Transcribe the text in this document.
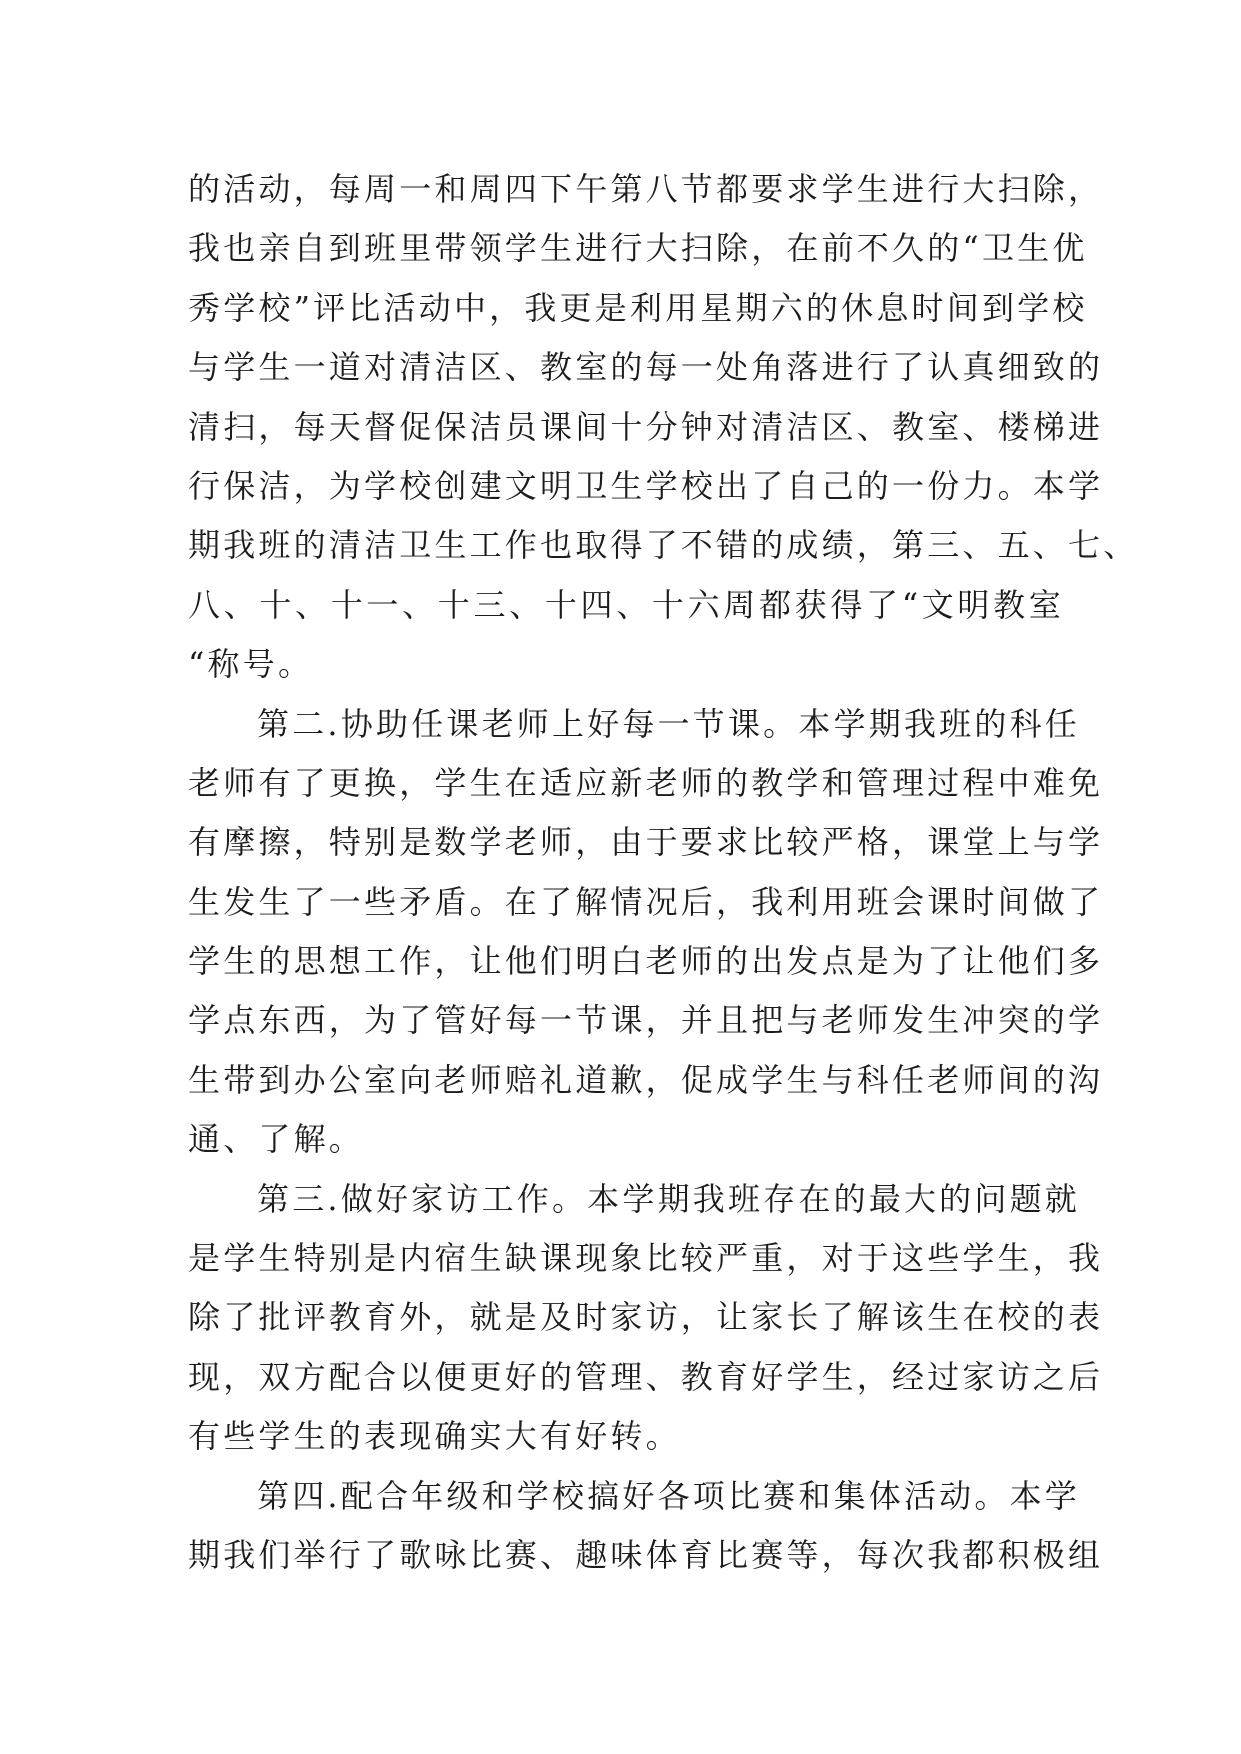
的活动，每周一和周四下午第八节都要求学生进行大扫除，
我也亲自到班里带领学生进行大扫除，在前不久的“卫生优
秀学校”评比活动中，我更是利用星期六的休息时间到学校
与学生一道对清洁区、教室的每一处角落进行了认真细致的
清扫，每天督促保洁员课间十分钟对清洁区、教室、楼梯进
行保洁，为学校创建文明卫生学校出了自己的一份力。本学
期我班的清洁卫生工作也取得了不错的成绩，第三、五、七、
八、十、十一、十三、十四、十六周都获得了“文明教室
“称号。
第二.协助任课老师上好每一节课。本学期我班的科任
老师有了更换，学生在适应新老师的教学和管理过程中难免
有摩擦，特别是数学老师，由于要求比较严格，课堂上与学
生发生了一些矛盾。在了解情况后，我利用班会课时间做了
学生的思想工作，让他们明白老师的出发点是为了让他们多
学点东西，为了管好每一节课，并且把与老师发生冲突的学
生带到办公室向老师赔礼道歉，促成学生与科任老师间的沟
通、了解。
第三.做好家访工作。本学期我班存在的最大的问题就
是学生特别是内宿生缺课现象比较严重，对于这些学生，我
除了批评教育外，就是及时家访，让家长了解该生在校的表
现，双方配合以便更好的管理、教育好学生，经过家访之后
有些学生的表现确实大有好转。
第四.配合年级和学校搞好各项比赛和集体活动。本学
期我们举行了歌咏比赛、趣味体育比赛等，每次我都积极组
